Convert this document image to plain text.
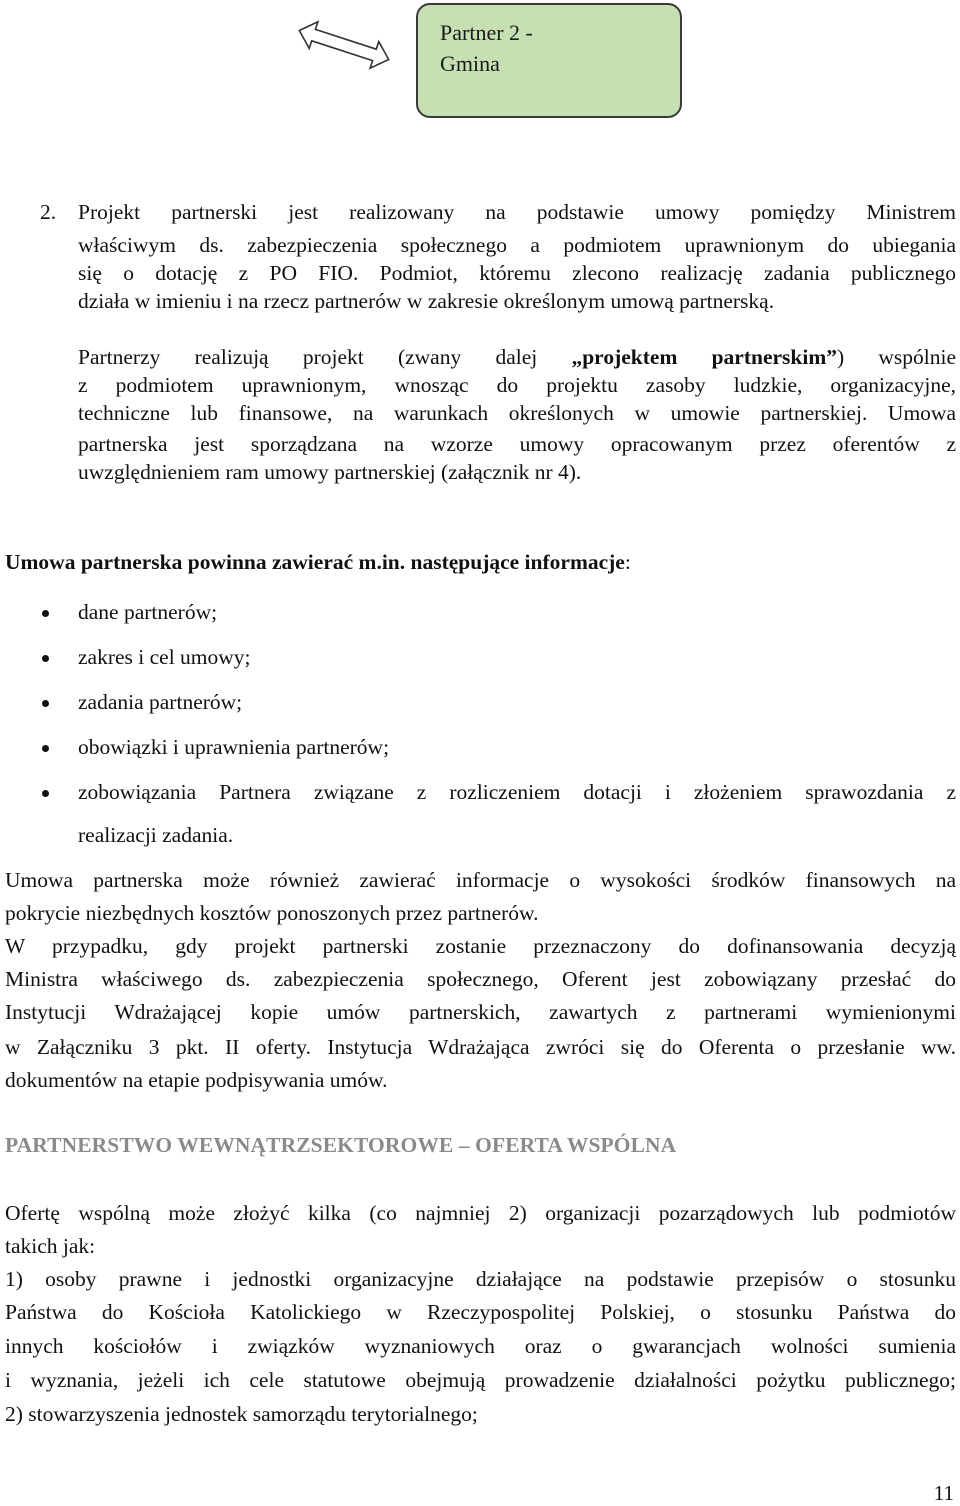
Partner 2 -
Gmina
2. Projekt partnerski jest realizowany na podstawie umowy pomiędzy Ministrem
właściwym ds. zabezpieczenia społecznego a podmiotem uprawnionym do ubiegania
się o dotację z PO FIO. Podmiot, któremu zlecono realizację zadania publicznego
działa w imieniu i na rzecz partnerów w zakresie określonym umową partnerską.
Partnerzy realizują projekt (zwany dalej „projektem partnerskim”) wspólnie
z podmiotem uprawnionym, wnosząc do projektu zasoby ludzkie, organizacyjne,
techniczne lub finansowe, na warunkach określonych w umowie partnerskiej. Umowa
partnerska jest sporządzana na wzorze umowy opracowanym przez oferentów z
uwzględnieniem ram umowy partnerskiej (załącznik nr 4).
Umowa partnerska powinna zawierać m.in. następujące informacje:
dane partnerów;
zakres i cel umowy;
zadania partnerów;
obowiązki i uprawnienia partnerów;
zobowiązania Partnera związane z rozliczeniem dotacji i złożeniem sprawozdania z
realizacji zadania.
Umowa partnerska może również zawierać informacje o wysokości środków finansowych na
pokrycie niezbędnych kosztów ponoszonych przez partnerów.
W przypadku, gdy projekt partnerski zostanie przeznaczony do dofinansowania decyzją
Ministra właściwego ds. zabezpieczenia społecznego, Oferent jest zobowiązany przesłać do
Instytucji Wdrażającej kopie umów partnerskich, zawartych z partnerami wymienionymi
w Załączniku 3 pkt. II oferty. Instytucja Wdrażająca zwróci się do Oferenta o przesłanie ww.
dokumentów na etapie podpisywania umów.
PARTNERSTWO WEWNĄTRZSEKTOROWE – OFERTA WSPÓLNA
Ofertę wspólną może złożyć kilka (co najmniej 2) organizacji pozarządowych lub podmiotów
takich jak:
1) osoby prawne i jednostki organizacyjne działające na podstawie przepisów o stosunku
Państwa do Kościoła Katolickiego w Rzeczypospolitej Polskiej, o stosunku Państwa do
innych kościołów i związków wyznaniowych oraz o gwarancjach wolności sumienia
i wyznania, jeżeli ich cele statutowe obejmują prowadzenie działalności pożytku publicznego;
2) stowarzyszenia jednostek samorządu terytorialnego;
11
